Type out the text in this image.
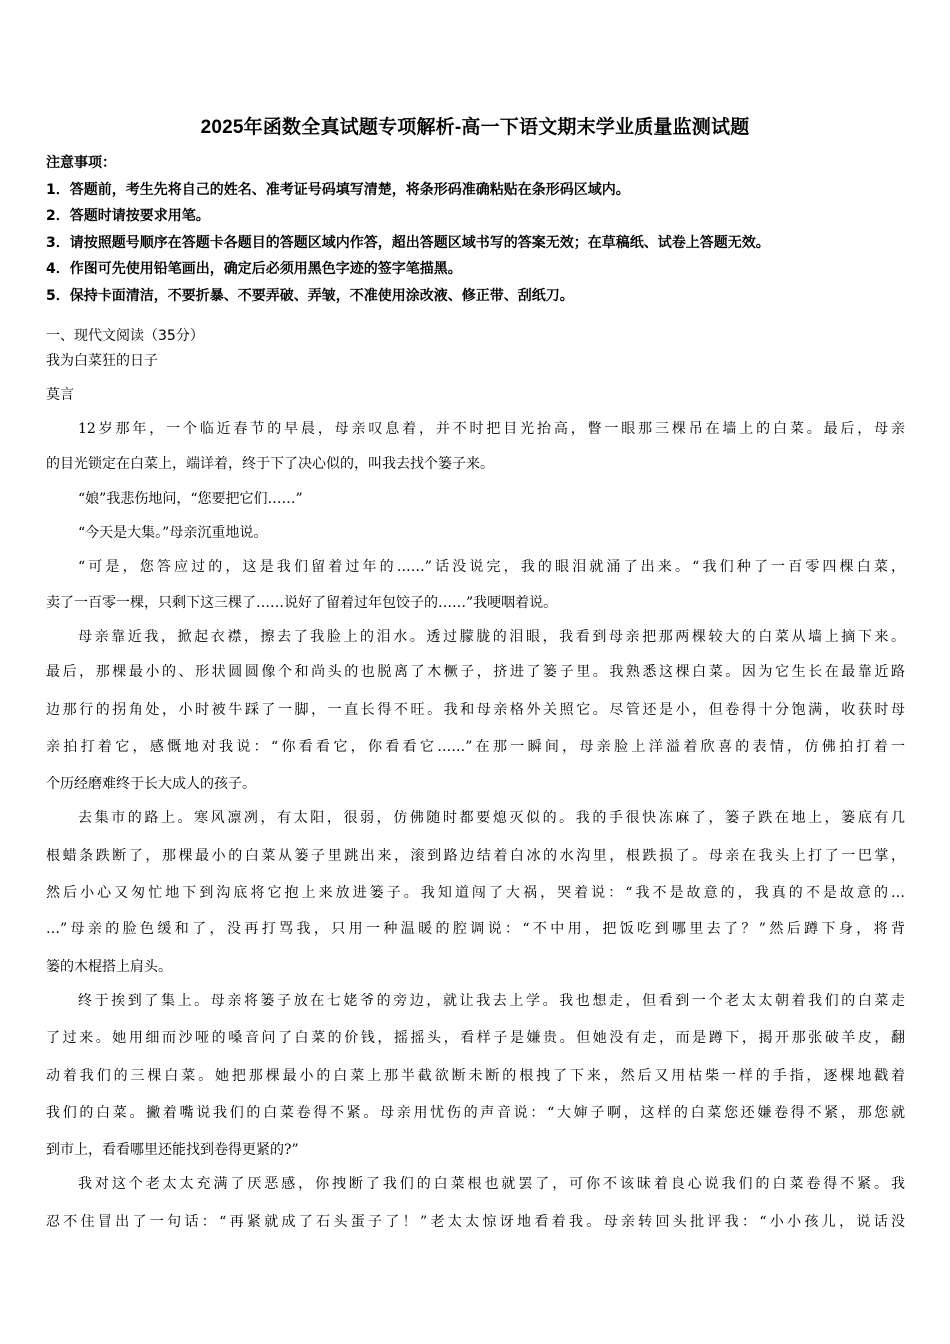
2025年函数全真试题专项解析-高一下语文期末学业质量监测试题
注意事项：
1．答题前，考生先将自己的姓名、准考证号码填写清楚，将条形码准确粘贴在条形码区域内。
2．答题时请按要求用笔。
3．请按照题号顺序在答题卡各题目的答题区域内作答，超出答题区域书写的答案无效；在草稿纸、试卷上答题无效。
4．作图可先使用铅笔画出，确定后必须用黑色字迹的签字笔描黑。
5．保持卡面清洁，不要折暴、不要弄破、弄皱，不准使用涂改液、修正带、刮纸刀。
一、现代文阅读（35分）
我为白菜狂的日子
莫言
12岁那年，一个临近春节的早晨，母亲叹息着，并不时把目光抬高，瞥一眼那三棵吊在墙上的白菜。最后，母亲
的目光锁定在白菜上，端详着，终于下了决心似的，叫我去找个篓子来。
“娘”我悲伤地问，“您要把它们……”
“今天是大集。”母亲沉重地说。
“可是，您答应过的，这是我们留着过年的……”话没说完，我的眼泪就涌了出来。“我们种了一百零四棵白菜，
卖了一百零一棵，只剩下这三棵了……说好了留着过年包饺子的……”我哽咽着说。
母亲靠近我，掀起衣襟，擦去了我脸上的泪水。透过朦胧的泪眼，我看到母亲把那两棵较大的白菜从墙上摘下来。
最后，那棵最小的、形状圆圆像个和尚头的也脱离了木橛子，挤进了篓子里。我熟悉这棵白菜。因为它生长在最靠近路
边那行的拐角处，小时被牛踩了一脚，一直长得不旺。我和母亲格外关照它。尽管还是小，但卷得十分饱满，收获时母
亲拍打着它，感慨地对我说：“你看看它，你看看它……”在那一瞬间，母亲脸上洋溢着欣喜的表情，仿佛拍打着一
个历经磨难终于长大成人的孩子。
去集市的路上。寒风凛冽，有太阳，很弱，仿佛随时都要熄灭似的。我的手很快冻麻了，篓子跌在地上，篓底有几
根蜡条跌断了，那棵最小的白菜从篓子里跳出来，滚到路边结着白冰的水沟里，根跌损了。母亲在我头上打了一巴掌，
然后小心又匆忙地下到沟底将它抱上来放进篓子。我知道闯了大祸，哭着说：“我不是故意的，我真的不是故意的…
…”母亲的脸色缓和了，没再打骂我，只用一种温暖的腔调说：“不中用，把饭吃到哪里去了？”然后蹲下身，将背
篓的木棍搭上肩头。
终于挨到了集上。母亲将篓子放在七姥爷的旁边，就让我去上学。我也想走，但看到一个老太太朝着我们的白菜走
了过来。她用细而沙哑的嗓音问了白菜的价钱，摇摇头，看样子是嫌贵。但她没有走，而是蹲下，揭开那张破羊皮，翻
动着我们的三棵白菜。她把那棵最小的白菜上那半截欲断未断的根拽了下来，然后又用枯柴一样的手指，逐棵地戳着
我们的白菜。撇着嘴说我们的白菜卷得不紧。母亲用忧伤的声音说：“大婶子啊，这样的白菜您还嫌卷得不紧，那您就
到市上，看看哪里还能找到卷得更紧的?”
我对这个老太太充满了厌恶感，你拽断了我们的白菜根也就罢了，可你不该昧着良心说我们的白菜卷得不紧。我
忍不住冒出了一句话：“再紧就成了石头蛋子了！”老太太惊讶地看着我。母亲转回头批评我：“小小孩儿，说话没
